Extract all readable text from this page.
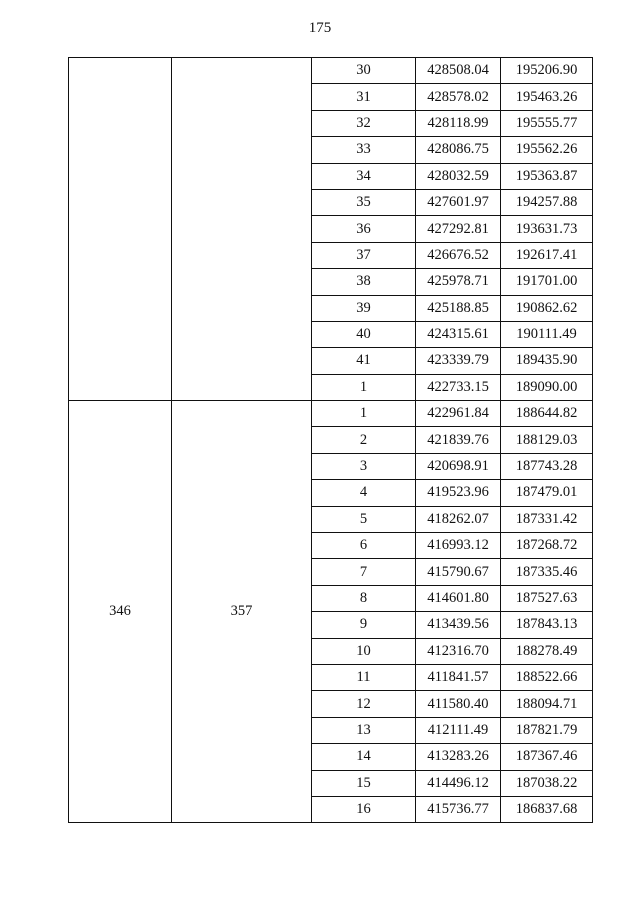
175
		30	428508.04	195206.90
		31	428578.02	195463.26
		32	428118.99	195555.77
		33	428086.75	195562.26
		34	428032.59	195363.87
		35	427601.97	194257.88
		36	427292.81	193631.73
		37	426676.52	192617.41
		38	425978.71	191701.00
		39	425188.85	190862.62
		40	424315.61	190111.49
		41	423339.79	189435.90
		1	422733.15	189090.00
346	357	1	422961.84	188644.82
		2	421839.76	188129.03
		3	420698.91	187743.28
		4	419523.96	187479.01
		5	418262.07	187331.42
		6	416993.12	187268.72
		7	415790.67	187335.46
		8	414601.80	187527.63
		9	413439.56	187843.13
		10	412316.70	188278.49
		11	411841.57	188522.66
		12	411580.40	188094.71
		13	412111.49	187821.79
		14	413283.26	187367.46
		15	414496.12	187038.22
		16	415736.77	186837.68
